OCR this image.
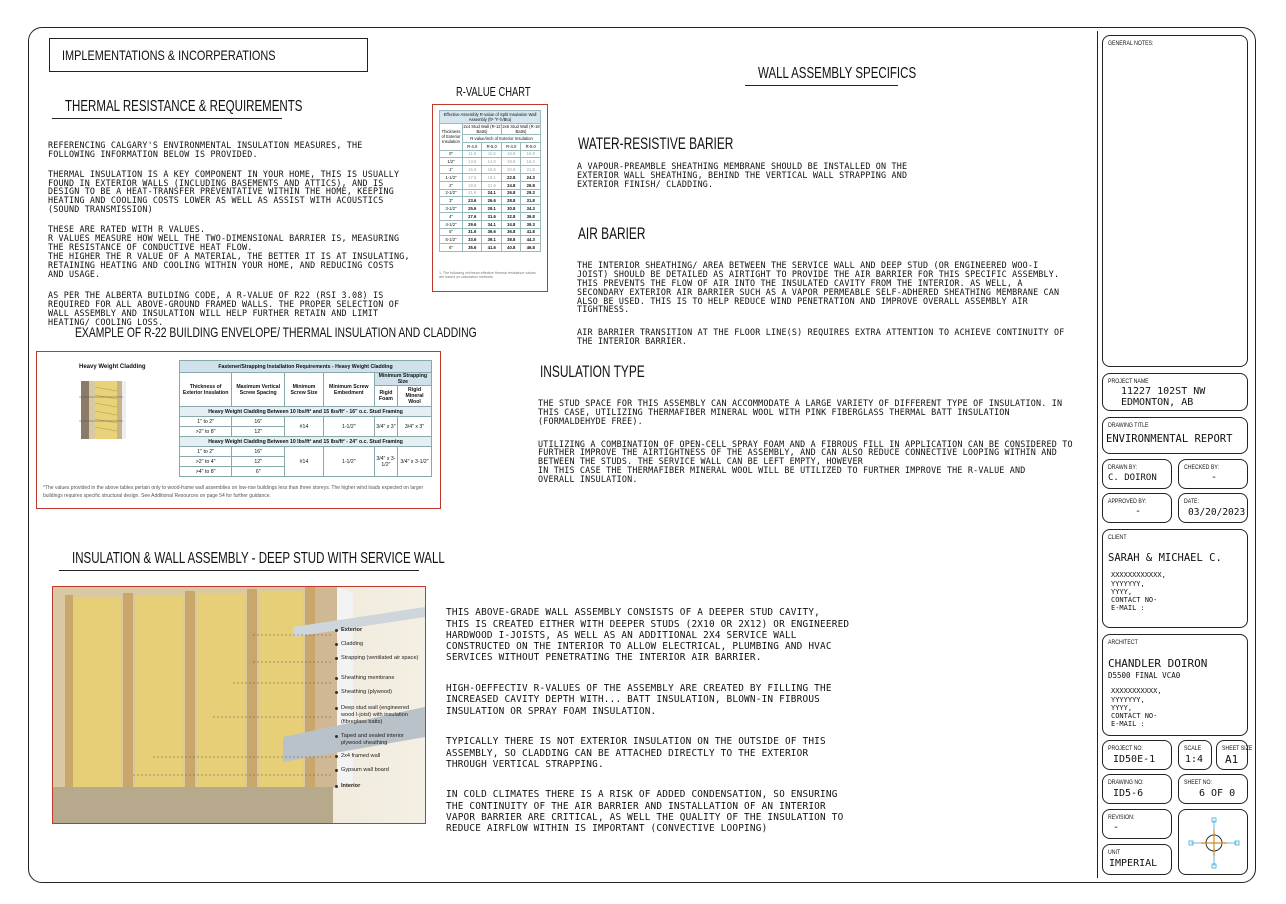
IMPLEMENTATIONS & INCORPERATIONS
THERMAL RESISTANCE & REQUIREMENTS

REFERENCING CALGARY'S ENVIRONMENTAL INSULATION MEASURES, THE
FOLLOWING INFORMATION BELOW IS PROVIDED.

THERMAL INSULATION IS A KEY COMPONENT IN YOUR HOME, THIS IS USUALLY
FOUND IN EXTERIOR WALLS (INCLUDING BASEMENTS AND ATTICS), AND IS
DESIGN TO BE A HEAT-TRANSFER PREVENTATIVE WITHIN THE HOME, KEEPING
HEATING AND COOLING COSTS LOWER AS WELL AS ASSIST WITH ACOUSTICS
(SOUND TRANSMISSION)

THESE ARE RATED WITH R VALUES.
R VALUES MEASURE HOW WELL THE TWO-DIMENSIONAL BARRIER IS, MEASURING
THE RESISTANCE OF CONDUCTIVE HEAT FLOW.
THE HIGHER THE R VALUE OF A MATERIAL, THE BETTER IT IS AT INSULATING,
RETAINING HEATING AND COOLING WITHIN YOUR HOME, AND REDUCING COSTS
AND USAGE.

AS PER THE ALBERTA BUILDING CODE, A R-VALUE OF R22 (RSI 3.08) IS
REQUIRED FOR ALL ABOVE-GROUND FRAMED WALLS. THE PROPER SELECTION OF
WALL ASSEMBLY AND INSULATION WILL HELP FURTHER RETAIN AND LIMIT
HEATING/ COOLING LOSS.

R-VALUE CHART
Effective Assembly R-value of Split Insulation Wall Assembly (ft²·°F·h/Btu)				
Thickness of Exterior Insulation	2x4 Stud Wall (R-12 Batts)		2x6 Stud Wall (R-19 Batts)	
	R-value/inch of Exterior Insulation			
	R-4.0	R-5.0	R-4.0	R-5.0
0"	11.5	11.5	16.8	16.8
1/2"	13.5	14.0	18.8	19.3
1"	15.6	16.6	20.8	21.8
1-1/2"	17.6	19.1	22.8	24.3
2"	19.6	21.6	24.8	26.8
2-1/2"	21.6	24.1	26.8	29.3
3"	23.6	26.6	28.8	31.8
3-1/2"	25.6	29.1	30.8	34.3
4"	27.6	31.6	32.8	36.8
4-1/2"	29.6	34.1	34.8	39.3
5"	31.6	36.6	36.8	41.8
5-1/2"	33.6	39.1	38.8	44.3
6"	35.6	41.6	40.8	46.8
1. The following minimum effective thermal resistance values are based on calculation methods.
EXAMPLE OF R-22 BUILDING ENVELOPE/ THERMAL INSULATION AND CLADDING
Heavy Weight Cladding	Fastener/Strapping Installation Requirements - Heavy Weight Cladding					
Thickness of Exterior Insulation	Maximum Vertical Screw Spacing	Minimum Screw Size	Minimum Screw Embedment	Minimum Strapping Size	
				Rigid Foam	Rigid Mineral Wool
Heavy Weight Cladding Between 10 lbs/ft² and 15 lbs/ft² - 16" o.c. Stud Framing					
1" to 2"	16"	#14	1-1/2"	3/4" x 3"	3/4" x 3"
>2" to 8"	12"				
Heavy Weight Cladding Between 10 lbs/ft² and 15 lbs/ft² - 24" o.c. Stud Framing					
1" to 2"	16"	#14	1-1/2"	3/4" x 3-1/2"	3/4" x 3-1/2"
>2" to 4"	12"				
>4" to 8"	6"				
*The values provided in the above tables pertain only to wood-frame wall assemblies on low-rise buildings less than three storeys. The higher wind loads expected on larger buildings requires specific structural design. See Additional Resources on page 54 for further guidance.
WALL ASSEMBLY SPECIFICS
WATER-RESISTIVE BARIER
A VAPOUR-PREAMBLE SHEATHING MEMBRANE SHOULD BE INSTALLED ON THE
EXTERIOR WALL SHEATHING, BEHIND THE VERTICAL WALL STRAPPING AND
EXTERIOR FINISH/ CLADDING.
AIR BARIER

THE INTERIOR SHEATHING/ AREA BETWEEN THE SERVICE WALL AND DEEP STUD (OR ENGINEERED WOO-I
JOIST) SHOULD BE DETAILED AS AIRTIGHT TO PROVIDE THE AIR BARRIER FOR THIS SPECIFIC ASSEMBLY.
THIS PREVENTS THE FLOW OF AIR INTO THE INSULATED CAVITY FROM THE INTERIOR. AS WELL, A
SECONDARY EXTERIOR AIR BARRIER SUCH AS A VAPOR PERMEABLE SELF-ADHERED SHEATHING MEMBRANE CAN
ALSO BE USED. THIS IS TO HELP REDUCE WIND PENETRATION AND IMPROVE OVERALL ASSEMBLY AIR
TIGHTNESS.

AIR BARRIER TRANSITION AT THE FLOOR LINE(S) REQUIRES EXTRA ATTENTION TO ACHIEVE CONTINUITY OF
THE INTERIOR BARRIER.

INSULATION TYPE

THE STUD SPACE FOR THIS ASSEMBLY CAN ACCOMMODATE A LARGE VARIETY OF DIFFERENT TYPE OF INSULATION. IN
THIS CASE, UTILIZING THERMAFIBER MINERAL WOOL WITH PINK FIBERGLASS THERMAL BATT INSULATION
(FORMALDEHYDE FREE).

UTILIZING A COMBINATION OF OPEN-CELL SPRAY FOAM AND A FIBROUS FILL IN APPLICATION CAN BE CONSIDERED TO
FURTHER IMPROVE THE AIRTIGHTNESS OF THE ASSEMBLY, AND CAN ALSO REDUCE CONNECTIVE LOOPING WITHIN AND
BETWEEN THE STUDS. THE SERVICE WALL CAN BE LEFT EMPTY, HOWEVER
IN THIS CASE THE THERMAFIBER MINERAL WOOL WILL BE UTILIZED TO FURTHER IMPROVE THE R-VALUE AND
OVERALL INSULATION.

INSULATION & WALL ASSEMBLY - DEEP STUD WITH SERVICE WALL
Exterior
Cladding
Strapping (ventilated air space)
Sheathing membrane
Sheathing (plywood)
Deep stud wall (engineered wood I-joist) with insulation (fibreglass batts)
Taped and sealed interior plywood sheathing
2x4 framed wall
Gypsum wall board
Interior

THIS ABOVE-GRADE WALL ASSEMBLY CONSISTS OF A DEEPER STUD CAVITY,
THIS IS CREATED EITHER WITH DEEPER STUDS (2X10 OR 2X12) OR ENGINEERED
HARDWOOD I-JOISTS, AS WELL AS AN ADDITIONAL 2X4 SERVICE WALL
CONSTRUCTED ON THE INTERIOR TO ALLOW ELECTRICAL, PLUMBING AND HVAC
SERVICES WITHOUT PENETRATING THE INTERIOR AIR BARRIER.

HIGH-OEFFECTIV R-VALUES OF THE ASSEMBLY ARE CREATED BY FILLING THE
INCREASED CAVITY DEPTH WITH... BATT INSULATION, BLOWN-IN FIBROUS
INSULATION OR SPRAY FOAM INSULATION.

TYPICALLY THERE IS NOT EXTERIOR INSULATION ON THE OUTSIDE OF THIS
ASSEMBLY, SO CLADDING CAN BE ATTACHED DIRECTLY TO THE EXTERIOR
THROUGH VERTICAL STRAPPING.

IN COLD CLIMATES THERE IS A RISK OF ADDED CONDENSATION, SO ENSURING
THE CONTINUITY OF THE AIR BARRIER AND INSTALLATION OF AN INTERIOR
VAPOR BARRIER ARE CRITICAL, AS WELL THE QUALITY OF THE INSULATION TO
REDUCE AIRFLOW WITHIN IS IMPORTANT (CONVECTIVE LOOPING)

GENERAL NOTES:
PROJECT NAME
11227 102ST NW
EDMONTON, AB
DRAWING TITLE
ENVIRONMENTAL REPORT
DRAWN BY:
C. DOIRON
CHECKED BY:
-
APPROVED BY:
-
DATE:
03/20/2023
CLIENT
SARAH & MICHAEL C.
XXXXXXXXXXXX,
YYYYYYY,
YYYY,
CONTACT NO-
E-MAIL :
ARCHITECT
CHANDLER DOIRON
D5500 FINAL VCA0
XXXXXXXXXXX,
YYYYYYY,
YYYY,
CONTACT NO-
E-MAIL :
PROJECT NO:
ID50E-1
SCALE
1:4
SHEET SIZE
A1
DRAWING NO:
ID5-6
SHEET NO:
6 OF 0
REVISION:
-
UNIT
IMPERIAL
